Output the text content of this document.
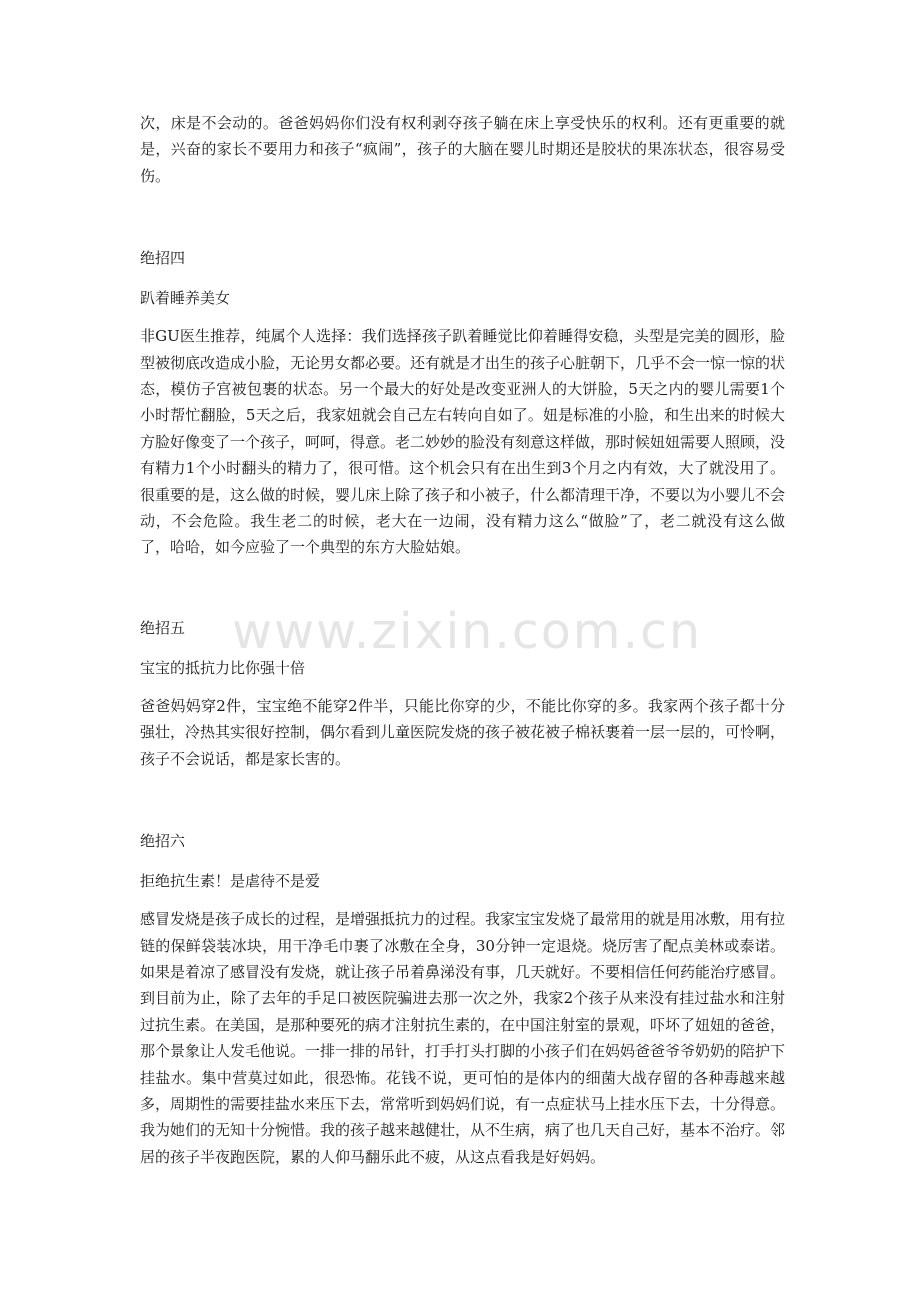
次，床是不会动的。爸爸妈妈你们没有权利剥夺孩子躺在床上享受快乐的权利。还有更重要的就是，兴奋的家长不要用力和孩子“疯闹”，孩子的大脑在婴儿时期还是胶状的果冻状态，很容易受伤。

绝招四

趴着睡养美女

非GU医生推荐，纯属个人选择：我们选择孩子趴着睡觉比仰着睡得安稳，头型是完美的圆形，脸型被彻底改造成小脸，无论男女都必要。还有就是才出生的孩子心脏朝下，几乎不会一惊一惊的状态，模仿子宫被包裹的状态。另一个最大的好处是改变亚洲人的大饼脸，5天之内的婴儿需要1个小时帮忙翻脸，5天之后，我家妞就会自己左右转向自如了。妞是标准的小脸，和生出来的时候大方脸好像变了一个孩子，呵呵，得意。老二妙妙的脸没有刻意这样做，那时候妞妞需要人照顾，没有精力1个小时翻头的精力了，很可惜。这个机会只有在出生到3个月之内有效，大了就没用了。很重要的是，这么做的时候，婴儿床上除了孩子和小被子，什么都清理干净，不要以为小婴儿不会动，不会危险。我生老二的时候，老大在一边闹，没有精力这么“做脸”了，老二就没有这么做了，哈哈，如今应验了一个典型的东方大脸姑娘。

绝招五

宝宝的抵抗力比你强十倍

爸爸妈妈穿2件，宝宝绝不能穿2件半，只能比你穿的少，不能比你穿的多。我家两个孩子都十分强壮，冷热其实很好控制，偶尔看到儿童医院发烧的孩子被花被子棉袄裹着一层一层的，可怜啊，孩子不会说话，都是家长害的。

绝招六

拒绝抗生素！是虐待不是爱

感冒发烧是孩子成长的过程，是增强抵抗力的过程。我家宝宝发烧了最常用的就是用冰敷，用有拉链的保鲜袋装冰块，用干净毛巾裹了冰敷在全身，30分钟一定退烧。烧厉害了配点美林或泰诺。如果是着凉了感冒没有发烧，就让孩子吊着鼻涕没有事，几天就好。不要相信任何药能治疗感冒。到目前为止，除了去年的手足口被医院骗进去那一次之外，我家2个孩子从来没有挂过盐水和注射过抗生素。在美国，是那种要死的病才注射抗生素的，在中国注射室的景观，吓坏了妞妞的爸爸，那个景象让人发毛他说。一排一排的吊针，打手打头打脚的小孩子们在妈妈爸爸爷爷奶奶的陪护下挂盐水。集中营莫过如此，很恐怖。花钱不说，更可怕的是体内的细菌大战存留的各种毒越来越多，周期性的需要挂盐水来压下去，常常听到妈妈们说，有一点症状马上挂水压下去，十分得意。我为她们的无知十分惋惜。我的孩子越来越健壮，从不生病，病了也几天自己好，基本不治疗。邻居的孩子半夜跑医院，累的人仰马翻乐此不疲，从这点看我是好妈妈。

www.zixin.com.cn
